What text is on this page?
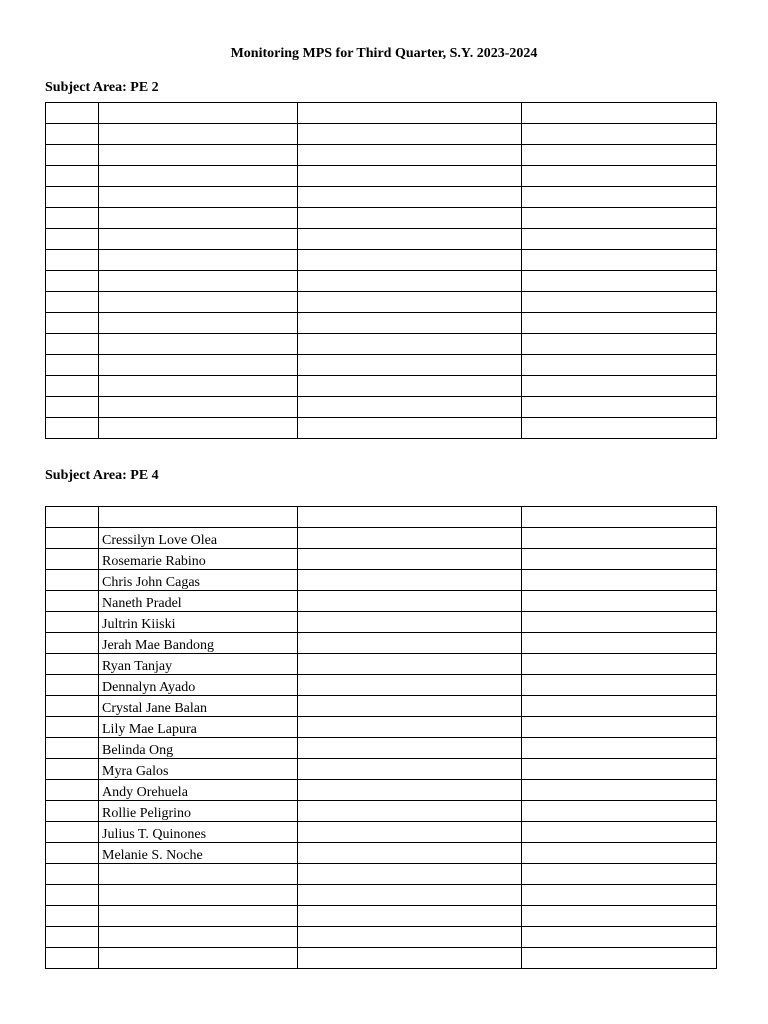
Monitoring MPS for Third Quarter, S.Y. 2023-2024
Subject Area: PE 2

Subject Area: PE 4

	Cressilyn Love Olea		
	Rosemarie Rabino		
	Chris John Cagas		
	Naneth Pradel		
	Jultrin Kiiski		
	Jerah Mae Bandong		
	Ryan Tanjay		
	Dennalyn Ayado		
	Crystal Jane Balan		
	Lily Mae Lapura		
	Belinda Ong		
	Myra Galos		
	Andy Orehuela		
	Rollie Peligrino		
	Julius T. Quinones		
	Melanie S. Noche		
